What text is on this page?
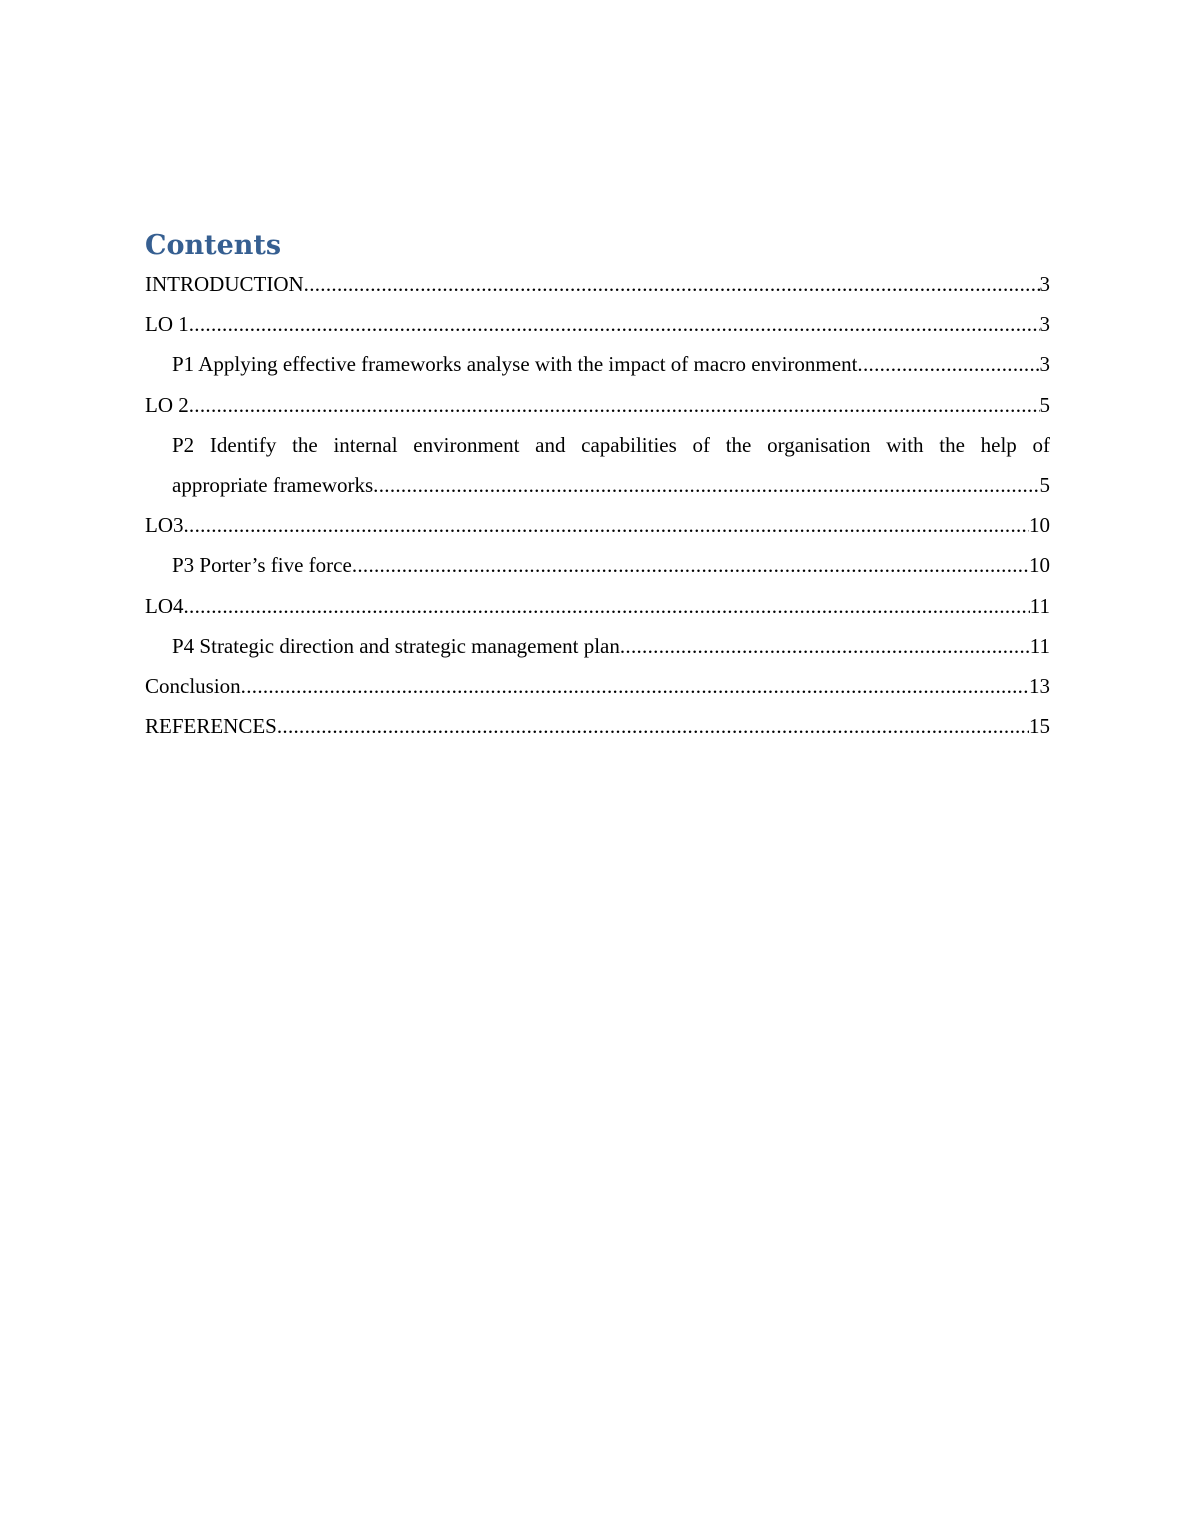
Contents
INTRODUCTION .....	3
LO 1 .....	3
P1 Applying effective frameworks analyse with the impact of macro environment .....	3
LO 2 .....	5
P2 Identify the internal environment and capabilities of the organisation with the help of
appropriate frameworks .....	5
LO3 .....	10
P3 Porter’s five force .....	10
LO4 .....	11
P4 Strategic direction and strategic management plan .....	11
Conclusion .....	13
REFERENCES .....	15
